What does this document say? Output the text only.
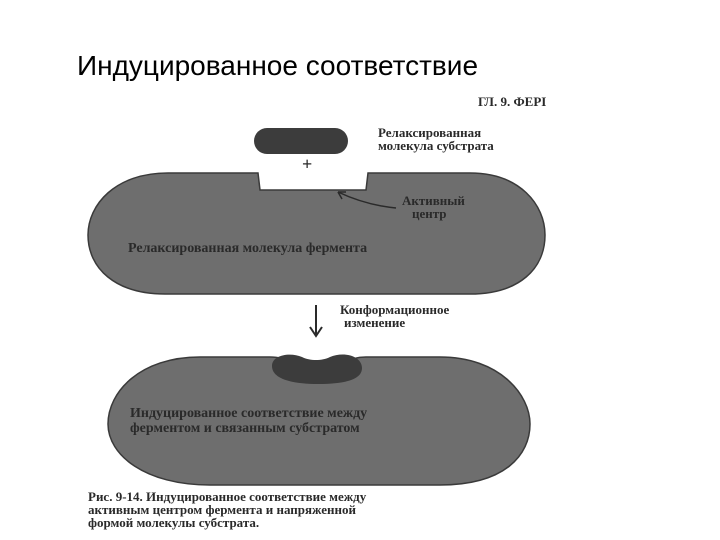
Индуцированное соответствие
ГЛ. 9. ФЕРІ
Релаксированная
молекула субстрата
+
Релаксированная молекула фермента
Активный
центр
Конформационное
изменение
Индуцированное соответствие между
ферментом и связанным субстратом
Рис. 9-14. Индуцированное соответствие между
активным центром фермента и напряженной
формой молекулы субстрата.
